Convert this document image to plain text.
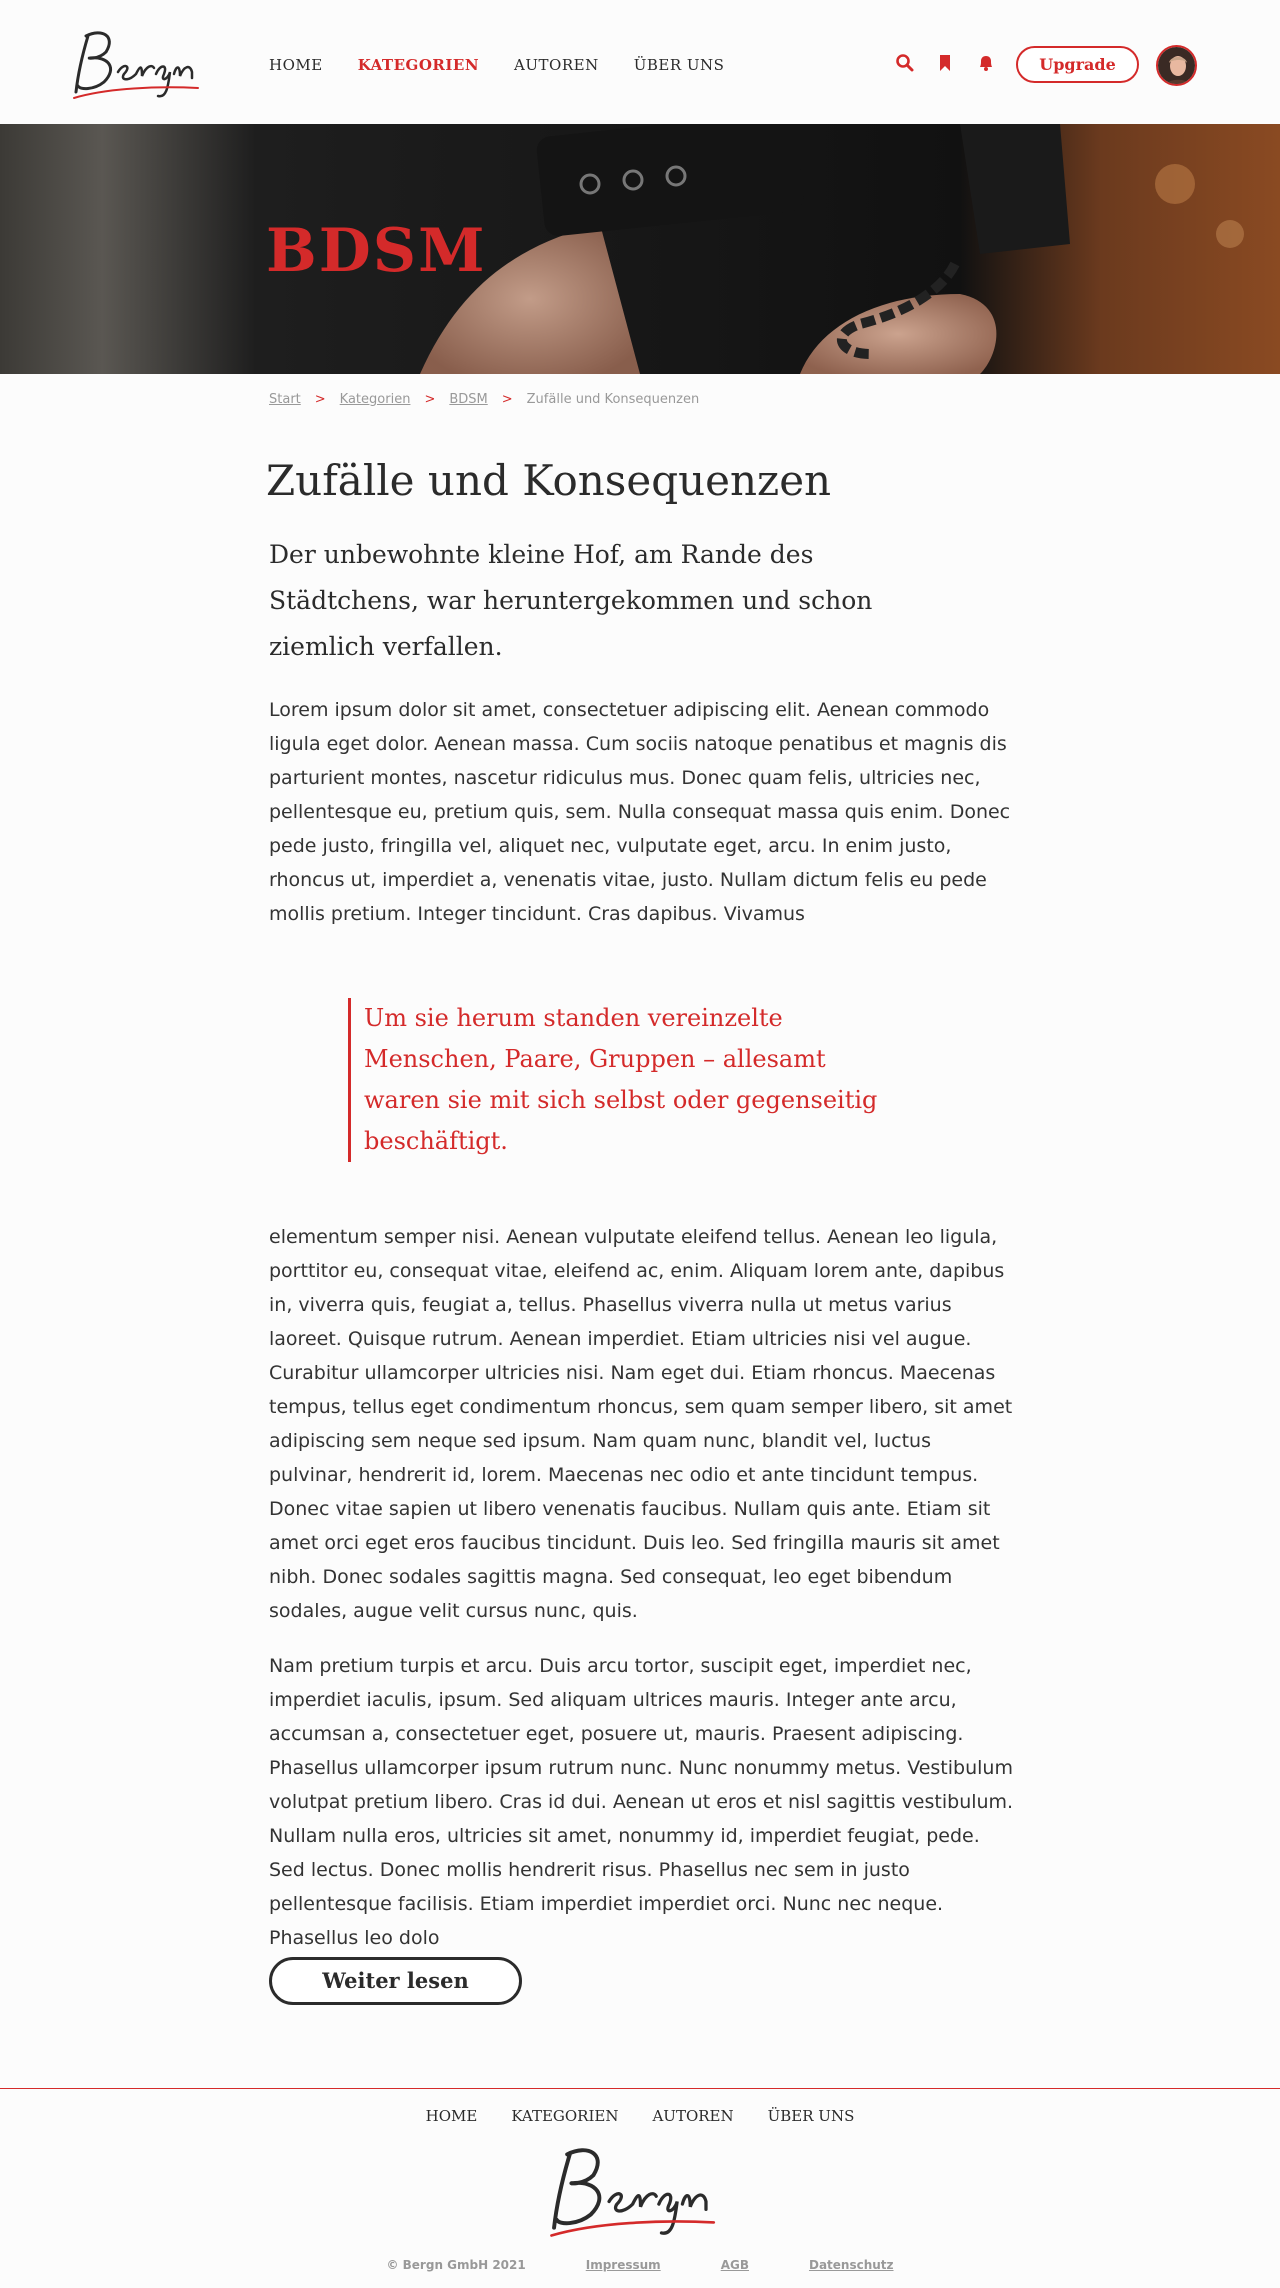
HOME KATEGORIEN AUTOREN ÜBER UNS	Upgrade
BDSM
Start > Kategorien > BDSM > Zufälle und Konsequenzen
Zufälle und Konsequenzen

Der unbewohnte kleine Hof, am Rande des Städtchens, war heruntergekommen und schon ziemlich verfallen.

Lorem ipsum dolor sit amet, consectetuer adipiscing elit. Aenean commodo ligula eget dolor. Aenean massa. Cum sociis natoque penatibus et magnis dis parturient montes, nascetur ridiculus mus. Donec quam felis, ultricies nec, pellentesque eu, pretium quis, sem. Nulla consequat massa quis enim. Donec pede justo, fringilla vel, aliquet nec, vulputate eget, arcu. In enim justo, rhoncus ut, imperdiet a, venenatis vitae, justo. Nullam dictum felis eu pede mollis pretium. Integer tincidunt. Cras dapibus. Vivamus

Um sie herum standen vereinzelte Menschen, Paare, Gruppen – allesamt waren sie mit sich selbst oder gegenseitig beschäftigt.

elementum semper nisi. Aenean vulputate eleifend tellus. Aenean leo ligula, porttitor eu, consequat vitae, eleifend ac, enim. Aliquam lorem ante, dapibus in, viverra quis, feugiat a, tellus. Phasellus viverra nulla ut metus varius laoreet. Quisque rutrum. Aenean imperdiet. Etiam ultricies nisi vel augue. Curabitur ullamcorper ultricies nisi. Nam eget dui. Etiam rhoncus. Maecenas tempus, tellus eget condimentum rhoncus, sem quam semper libero, sit amet adipiscing sem neque sed ipsum. Nam quam nunc, blandit vel, luctus pulvinar, hendrerit id, lorem. Maecenas nec odio et ante tincidunt tempus. Donec vitae sapien ut libero venenatis faucibus. Nullam quis ante. Etiam sit amet orci eget eros faucibus tincidunt. Duis leo. Sed fringilla mauris sit amet nibh. Donec sodales sagittis magna. Sed consequat, leo eget bibendum sodales, augue velit cursus nunc, quis.

Nam pretium turpis et arcu. Duis arcu tortor, suscipit eget, imperdiet nec, imperdiet iaculis, ipsum. Sed aliquam ultrices mauris. Integer ante arcu, accumsan a, consectetuer eget, posuere ut, mauris. Praesent adipiscing. Phasellus ullamcorper ipsum rutrum nunc. Nunc nonummy metus. Vestibulum volutpat pretium libero. Cras id dui. Aenean ut eros et nisl sagittis vestibulum. Nullam nulla eros, ultricies sit amet, nonummy id, imperdiet feugiat, pede. Sed lectus. Donec mollis hendrerit risus. Phasellus nec sem in justo pellentesque facilisis. Etiam imperdiet imperdiet orci. Nunc nec neque. Phasellus leo dolo

Weiter lesen
HOME KATEGORIEN AUTOREN ÜBER UNS
© Bergn GmbH 2021	Impressum	AGB	Datenschutz
